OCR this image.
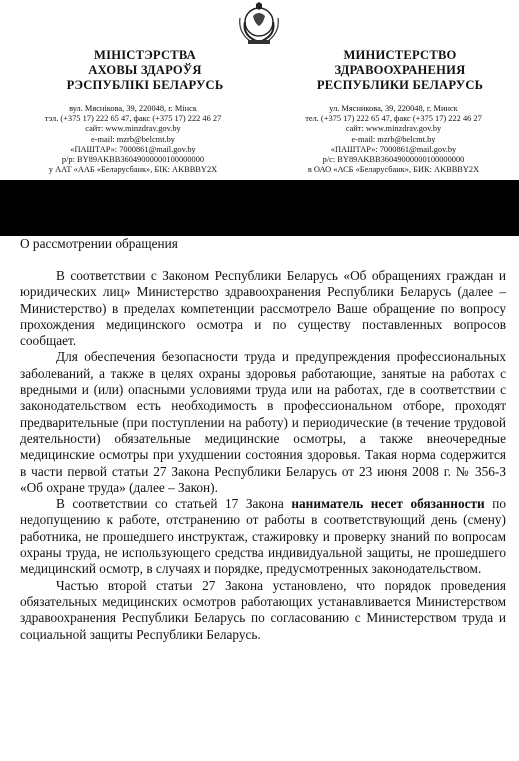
МІНІСТЭРСТВА
АХОВЫ ЗДАРОЎЯ
РЭСПУБЛІКІ БЕЛАРУСЬ
МИНИСТЕРСТВО
ЗДРАВООХРАНЕНИЯ
РЕСПУБЛИКИ БЕЛАРУСЬ
вул. Мяснікова, 39, 220048, г. Мінск
тэл. (+375 17) 222 65 47, факс (+375 17) 222 46 27
сайт: www.minzdrav.gov.by
e-mail: mzrb@belcmt.by
«ПАШТАР»: 7000861@mail.gov.by
р/р: BY89AKBB36049000000100000000
у ААТ «ААБ «Беларусбанк», БІК: AKBBBY2X
ул. Мясникова, 39, 220048, г. Минск
тел. (+375 17) 222 65 47, факс (+375 17) 222 46 27
сайт: www.minzdrav.gov.by
e-mail: mzrb@belcmt.by
«ПАШТАР»: 7000861@mail.gov.by
р/с: BY89AKBB36049000000100000000
в ОАО «АСБ «Беларусбанк», БИК: AKBBBY2X
О рассмотрении обращения

В соответствии с Законом Республики Беларусь «Об обращениях граждан и юридических лиц» Министерство здравоохранения Республики Беларусь (далее – Министерство) в пределах компетенции рассмотрело Ваше обращение по вопросу прохождения медицинского осмотра и по существу поставленных вопросов сообщает.

Для обеспечения безопасности труда и предупреждения профессиональных заболеваний, а также в целях охраны здоровья работающие, занятые на работах с вредными и (или) опасными условиями труда или на работах, где в соответствии с законодательством есть необходимость в профессиональном отборе, проходят предварительные (при поступлении на работу) и периодические (в течение трудовой деятельности) обязательные медицинские осмотры, а также внеочередные медицинские осмотры при ухудшении состояния здоровья. Такая норма содержится в части первой статьи 27 Закона Республики Беларусь от 23 июня 2008 г. № 356-З «Об охране труда» (далее – Закон).

В соответствии со статьей 17 Закона наниматель несет обязанности по недопущению к работе, отстранению от работы в соответствующий день (смену) работника, не прошедшего инструктаж, стажировку и проверку знаний по вопросам охраны труда, не использующего средства индивидуальной защиты, не прошедшего медицинский осмотр, в случаях и порядке, предусмотренных законодательством.

Частью второй статьи 27 Закона установлено, что порядок проведения обязательных медицинских осмотров работающих устанавливается Министерством здравоохранения Республики Беларусь по согласованию с Министерством труда и социальной защиты Республики Беларусь.
